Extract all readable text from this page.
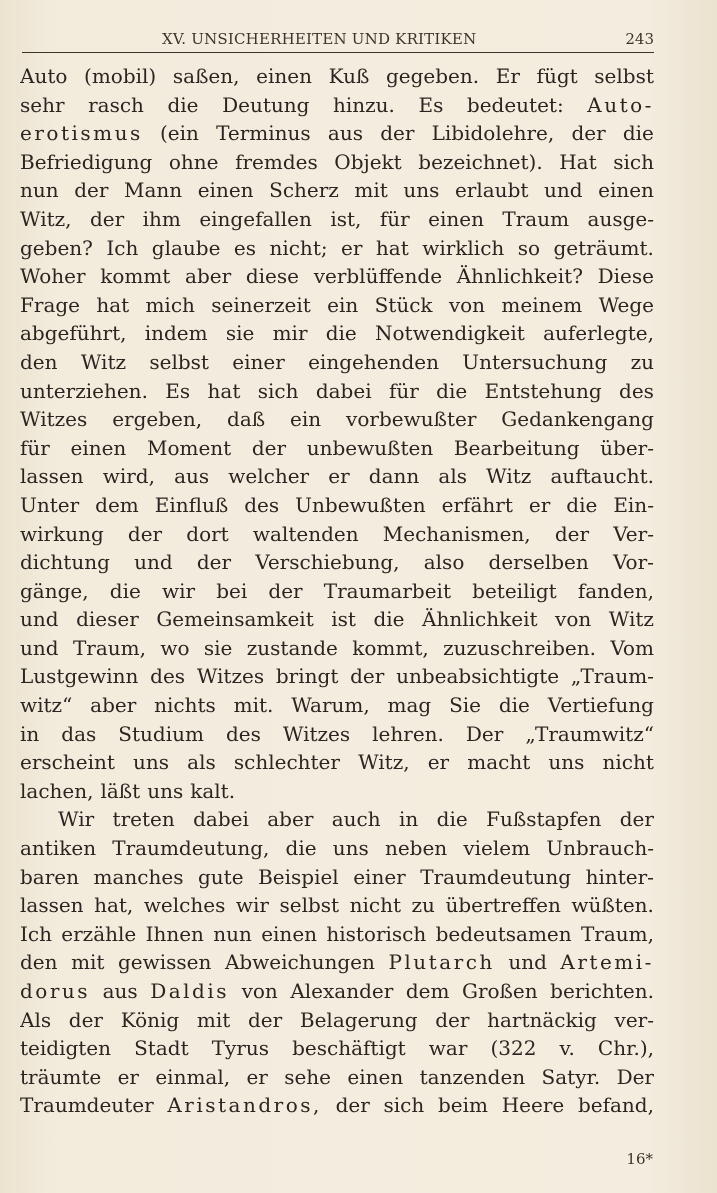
XV. UNSICHERHEITEN UND KRITIKEN	243
Auto (mobil) saßen, einen Kuß gegeben. Er fügt selbst
sehr rasch die Deutung hinzu. Es bedeutet: Auto-
erotismus (ein Terminus aus der Libidolehre, der die
Befriedigung ohne fremdes Objekt bezeichnet). Hat sich
nun der Mann einen Scherz mit uns erlaubt und einen
Witz, der ihm eingefallen ist, für einen Traum ausge-
geben? Ich glaube es nicht; er hat wirklich so geträumt.
Woher kommt aber diese verblüffende Ähnlichkeit? Diese
Frage hat mich seinerzeit ein Stück von meinem Wege
abgeführt, indem sie mir die Notwendigkeit auferlegte,
den Witz selbst einer eingehenden Untersuchung zu
unterziehen. Es hat sich dabei für die Entstehung des
Witzes ergeben, daß ein vorbewußter Gedankengang
für einen Moment der unbewußten Bearbeitung über-
lassen wird, aus welcher er dann als Witz auftaucht.
Unter dem Einfluß des Unbewußten erfährt er die Ein-
wirkung der dort waltenden Mechanismen, der Ver-
dichtung und der Verschiebung, also derselben Vor-
gänge, die wir bei der Traumarbeit beteiligt fanden,
und dieser Gemeinsamkeit ist die Ähnlichkeit von Witz
und Traum, wo sie zustande kommt, zuzuschreiben. Vom
Lustgewinn des Witzes bringt der unbeabsichtigte „Traum-
witz“ aber nichts mit. Warum, mag Sie die Vertiefung
in das Studium des Witzes lehren. Der „Traumwitz“
erscheint uns als schlechter Witz, er macht uns nicht
lachen, läßt uns kalt.
Wir treten dabei aber auch in die Fußstapfen der
antiken Traumdeutung, die uns neben vielem Unbrauch-
baren manches gute Beispiel einer Traumdeutung hinter-
lassen hat, welches wir selbst nicht zu übertreffen wüßten.
Ich erzähle Ihnen nun einen historisch bedeutsamen Traum,
den mit gewissen Abweichungen Plutarch und Artemi-
dorus aus Daldis von Alexander dem Großen berichten.
Als der König mit der Belagerung der hartnäckig ver-
teidigten Stadt Tyrus beschäftigt war (322 v. Chr.),
träumte er einmal, er sehe einen tanzenden Satyr. Der
Traumdeuter Aristandros, der sich beim Heere befand,
16*
